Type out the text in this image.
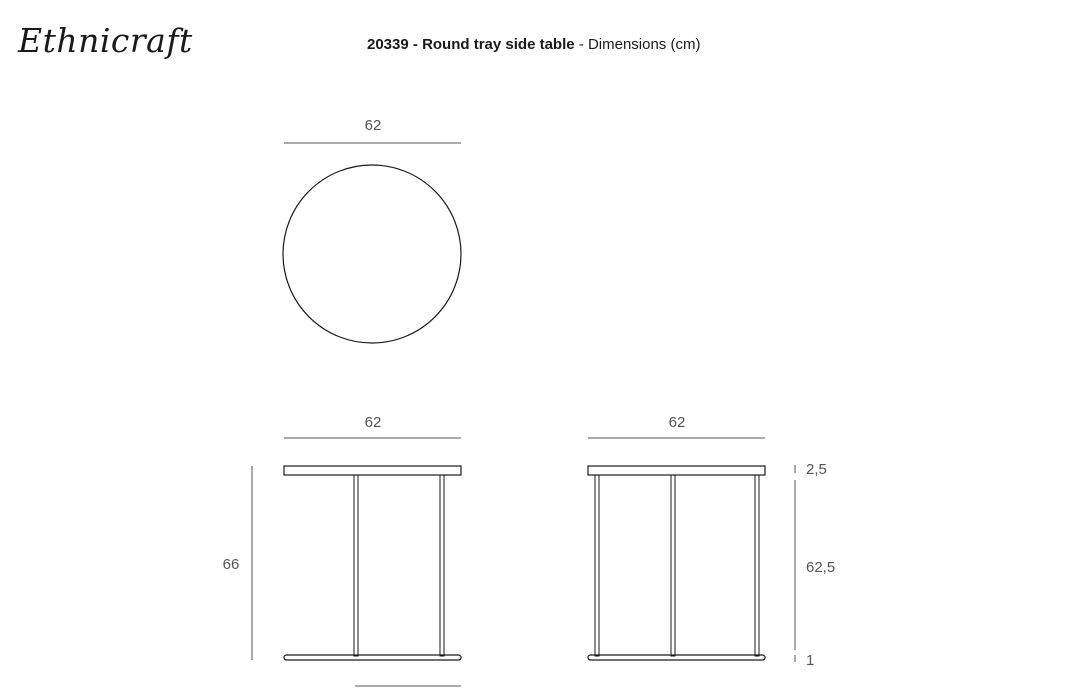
Ethnicraft	20339 - Round tray side table - Dimensions (cm)
62
62
66
62
2,5
62,5
1
